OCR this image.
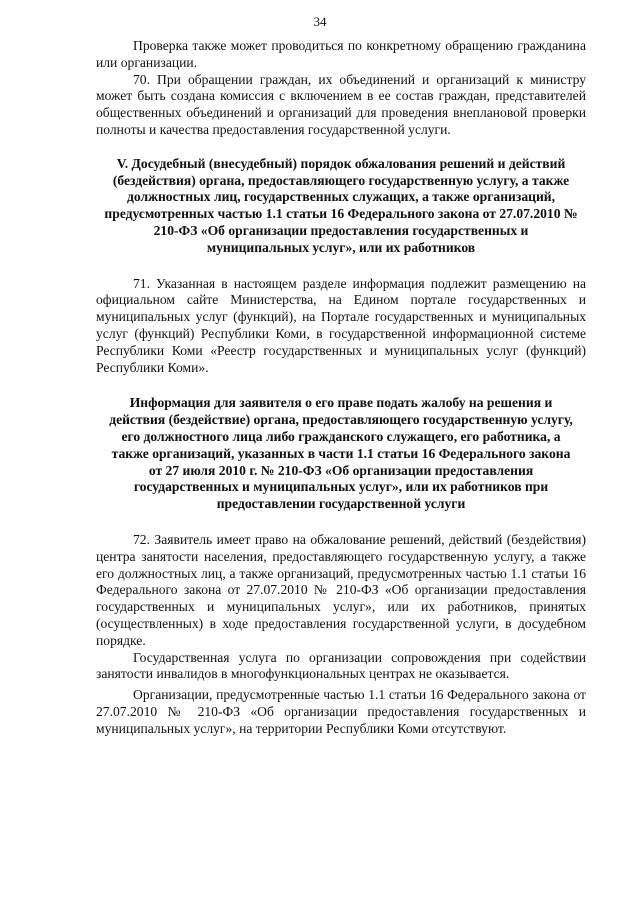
34

Проверка также может проводиться по конкретному обращению гражданина или организации.

70. При обращении граждан, их объединений и организаций к министру может быть создана комиссия с включением в ее состав граждан, представителей общественных объединений и организаций для проведения внеплановой проверки полноты и качества предоставления государственной услуги.

V. Досудебный (внесудебный) порядок обжалования решений и действий (бездействия) органа, предоставляющего государственную услугу, а также должностных лиц, государственных служащих, а также организаций, предусмотренных частью 1.1 статьи 16 Федерального закона от 27.07.2010 № 210-ФЗ «Об организации предоставления государственных и муниципальных услуг», или их работников

71. Указанная в настоящем разделе информация подлежит размещению на официальном сайте Министерства, на Едином портале государственных и муниципальных услуг (функций), на Портале государственных и муниципальных услуг (функций) Республики Коми, в государственной информационной системе Республики Коми «Реестр государственных и муниципальных услуг (функций) Республики Коми».

Информация для заявителя о его праве подать жалобу на решения и действия (бездействие) органа, предоставляющего государственную услугу, его должностного лица либо гражданского служащего, его работника, а также организаций, указанных в части 1.1 статьи 16 Федерального закона от 27 июля 2010 г. № 210-ФЗ «Об организации предоставления государственных и муниципальных услуг», или их работников при предоставлении государственной услуги

72. Заявитель имеет право на обжалование решений, действий (бездействия) центра занятости населения, предоставляющего государственную услугу, а также его должностных лиц, а также организаций, предусмотренных частью 1.1 статьи 16 Федерального закона от 27.07.2010 № 210-ФЗ «Об организации предоставления государственных и муниципальных услуг», или их работников, принятых (осуществленных) в ходе предоставления государственной услуги, в досудебном порядке.

Государственная услуга по организации сопровождения при содействии занятости инвалидов в многофункциональных центрах не оказывается.

Организации, предусмотренные частью 1.1 статьи 16 Федерального закона от 27.07.2010 № 210-ФЗ «Об организации предоставления государственных и муниципальных услуг», на территории Республики Коми отсутствуют.
